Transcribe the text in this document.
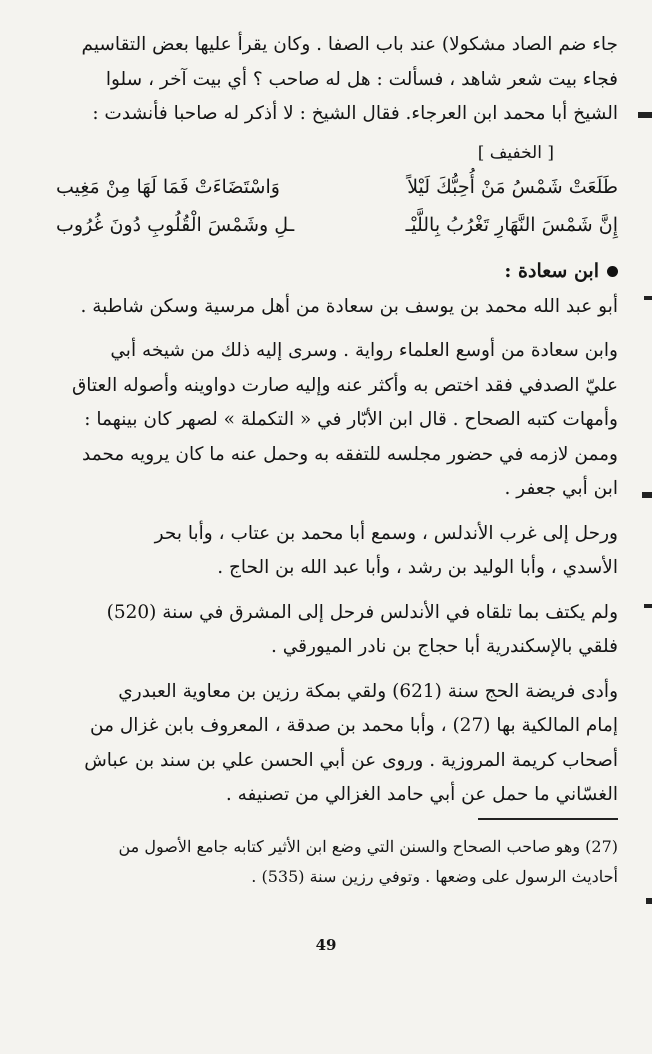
جاء ضم الصاد مشكولا) عند باب الصفا . وكان يقرأ عليها بعض التقاسيم

فجاء بيت شعر شاهد ، فسألت : هل له صاحب ؟ أي بيت آخر ، سلوا

الشيخ أبا محمد ابن العرجاء. فقال الشيخ : لا أذكر له صاحبا فأنشدت :

[ الخفيف ]

طَلَعَتْ شَمْسُ مَنْ أُحِبُّكَ لَيْلاً
وَاسْتَضَاءَتْ فَمَا لَهَا مِنْ مَغِيب
إِنَّ شَمْسَ النَّهَارِ تَغْرُبُ بِاللَّيْـ
ـلِ وشَمْسَ الْقُلُوبِ دُونَ غُرُوب
ابن سعادة :

أبو عبد الله محمد بن يوسف بن سعادة من أهل مرسية وسكن شاطبة .

وابن سعادة من أوسع العلماء رواية . وسرى إليه ذلك من شيخه أبي

عليّ الصدفي فقد اختص به وأكثر عنه وإليه صارت دواوينه وأصوله العتاق

وأمهات كتبه الصحاح . قال ابن الأبّار في « التكملة » لصهر كان بينهما :

وممن لازمه في حضور مجلسه للتفقه به وحمل عنه ما كان يرويه محمد

ابن أبي جعفر .

ورحل إلى غرب الأندلس ، وسمع أبا محمد بن عتاب ، وأبا بحر

الأسدي ، وأبا الوليد بن رشد ، وأبا عبد الله بن الحاج .

ولم يكتف بما تلقاه في الأندلس فرحل إلى المشرق في سنة (520)

فلقي بالإسكندرية أبا حجاج بن نادر الميورقي .

وأدى فريضة الحج سنة (621) ولقي بمكة رزين بن معاوية العبدري

إمام المالكية بها (27) ، وأبا محمد بن صدقة ، المعروف بابن غزال من

أصحاب كريمة المروزية . وروى عن أبي الحسن علي بن سند بن عباش

الغسّاني ما حمل عن أبي حامد الغزالي من تصنيفه .

(27) وهو صاحب الصحاح والسنن التي وضع ابن الأثير كتابه جامع الأصول من
أحاديث الرسول على وضعها . وتوفي رزين سنة (535) .
49
